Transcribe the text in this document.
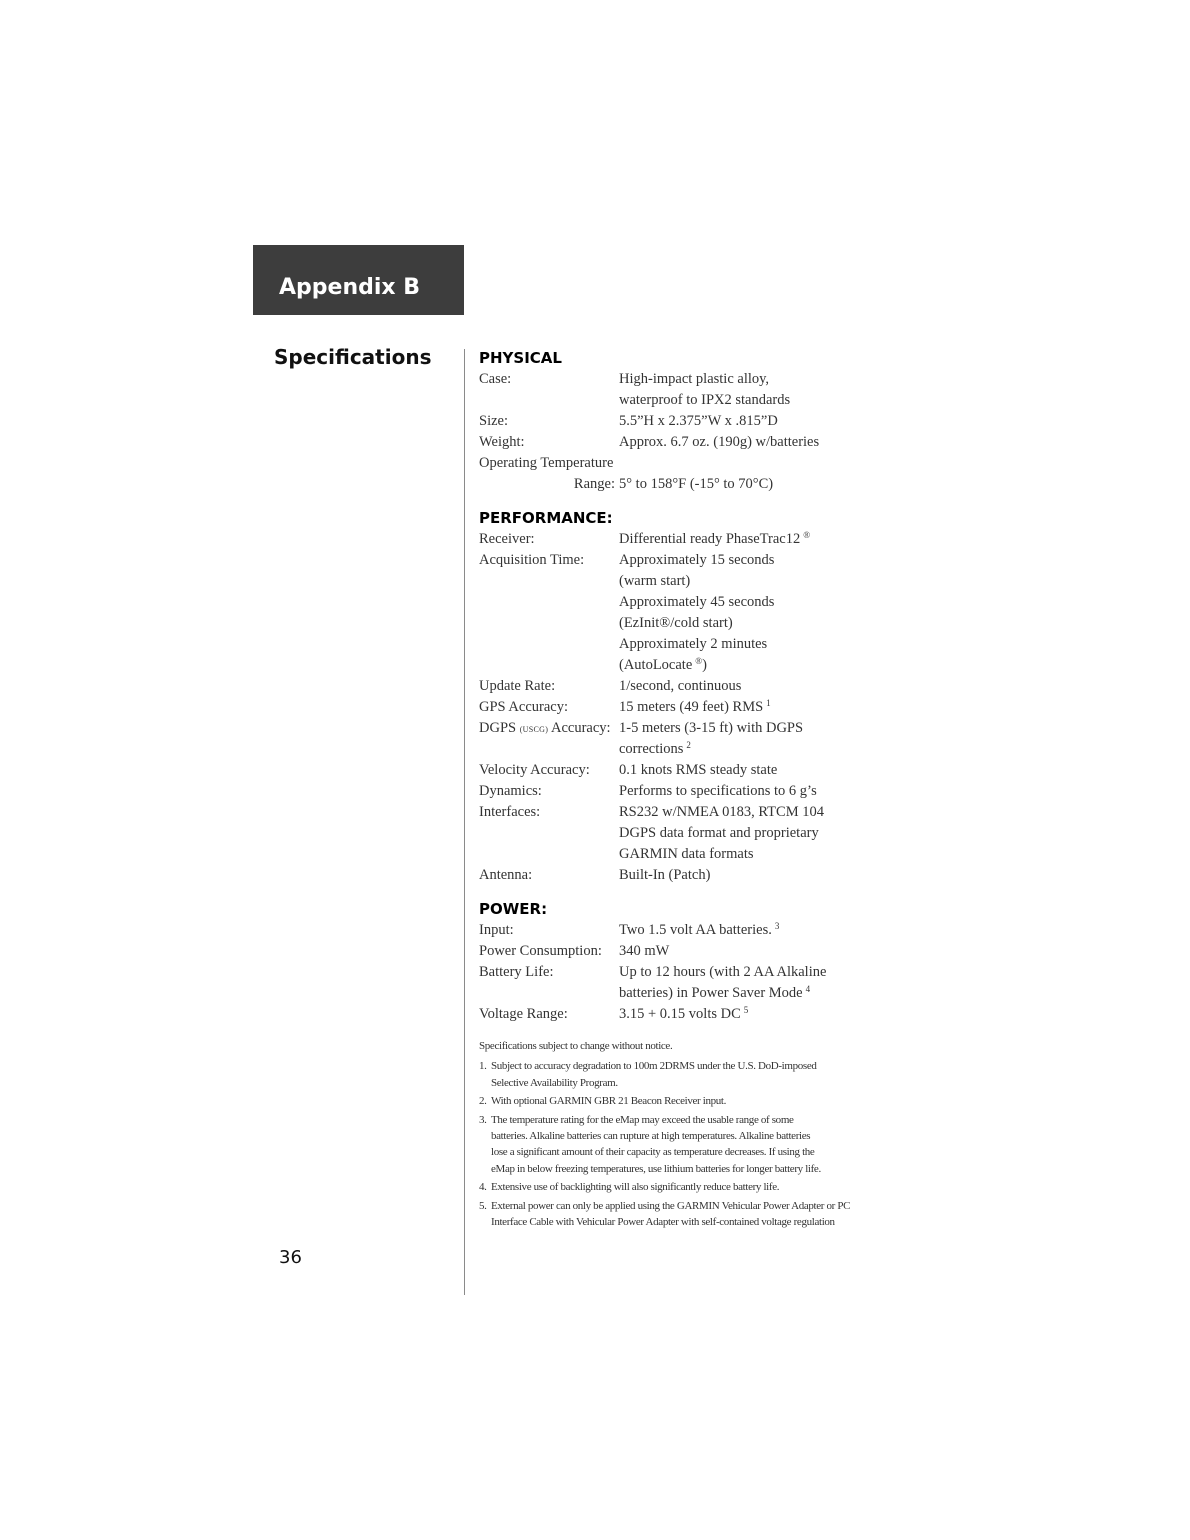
Appendix B
Specifications
36
PHYSICAL
Case:	High-impact plastic alloy,
waterproof to IPX2 standards
Size:	5.5”H x 2.375”W x .815”D
Weight:	Approx. 6.7 oz. (190g) w/batteries
Operating Temperature
Range: 5° to 158°F (-15° to 70°C)
PERFORMANCE:
Receiver:	Differential ready PhaseTrac12 ®
Acquisition Time:	Approximately 15 seconds
(warm start)
Approximately 45 seconds
(EzInit®/cold start)
Approximately 2 minutes
(AutoLocate ®)
Update Rate:	1/second, continuous
GPS Accuracy:	15 meters (49 feet) RMS $^1$
DGPS (USCG) Accuracy: 1-5 meters (3-15 ft) with DGPS
corrections $^2$
Velocity Accuracy:	0.1 knots RMS steady state
Dynamics:	Performs to specifications to 6 g’s
Interfaces:	RS232 w/NMEA 0183, RTCM 104
DGPS data format and proprietary
GARMIN data formats
Antenna:	Built-In (Patch)
POWER:
Input:	Two 1.5 volt AA batteries. $^3$
Power Consumption:	340 mW
Battery Life:	Up to 12 hours (with 2 AA Alkaline
batteries) in Power Saver Mode $^4$
Voltage Range:	3.15 + 0.15 volts DC $^5$
Specifications subject to change without notice.
1. Subject to accuracy degradation to 100m 2DRMS under the U.S. DoD-imposed
Selective Availability Program.
2. With optional GARMIN GBR 21 Beacon Receiver input.
3. The temperature rating for the eMap may exceed the usable range of some
batteries. Alkaline batteries can rupture at high temperatures. Alkaline batteries
lose a significant amount of their capacity as temperature decreases. If using the
eMap in below freezing temperatures, use lithium batteries for longer battery life.
4. Extensive use of backlighting will also significantly reduce battery life.
5. External power can only be applied using the GARMIN Vehicular Power Adapter or PC
Interface Cable with Vehicular Power Adapter with self-contained voltage regulation
